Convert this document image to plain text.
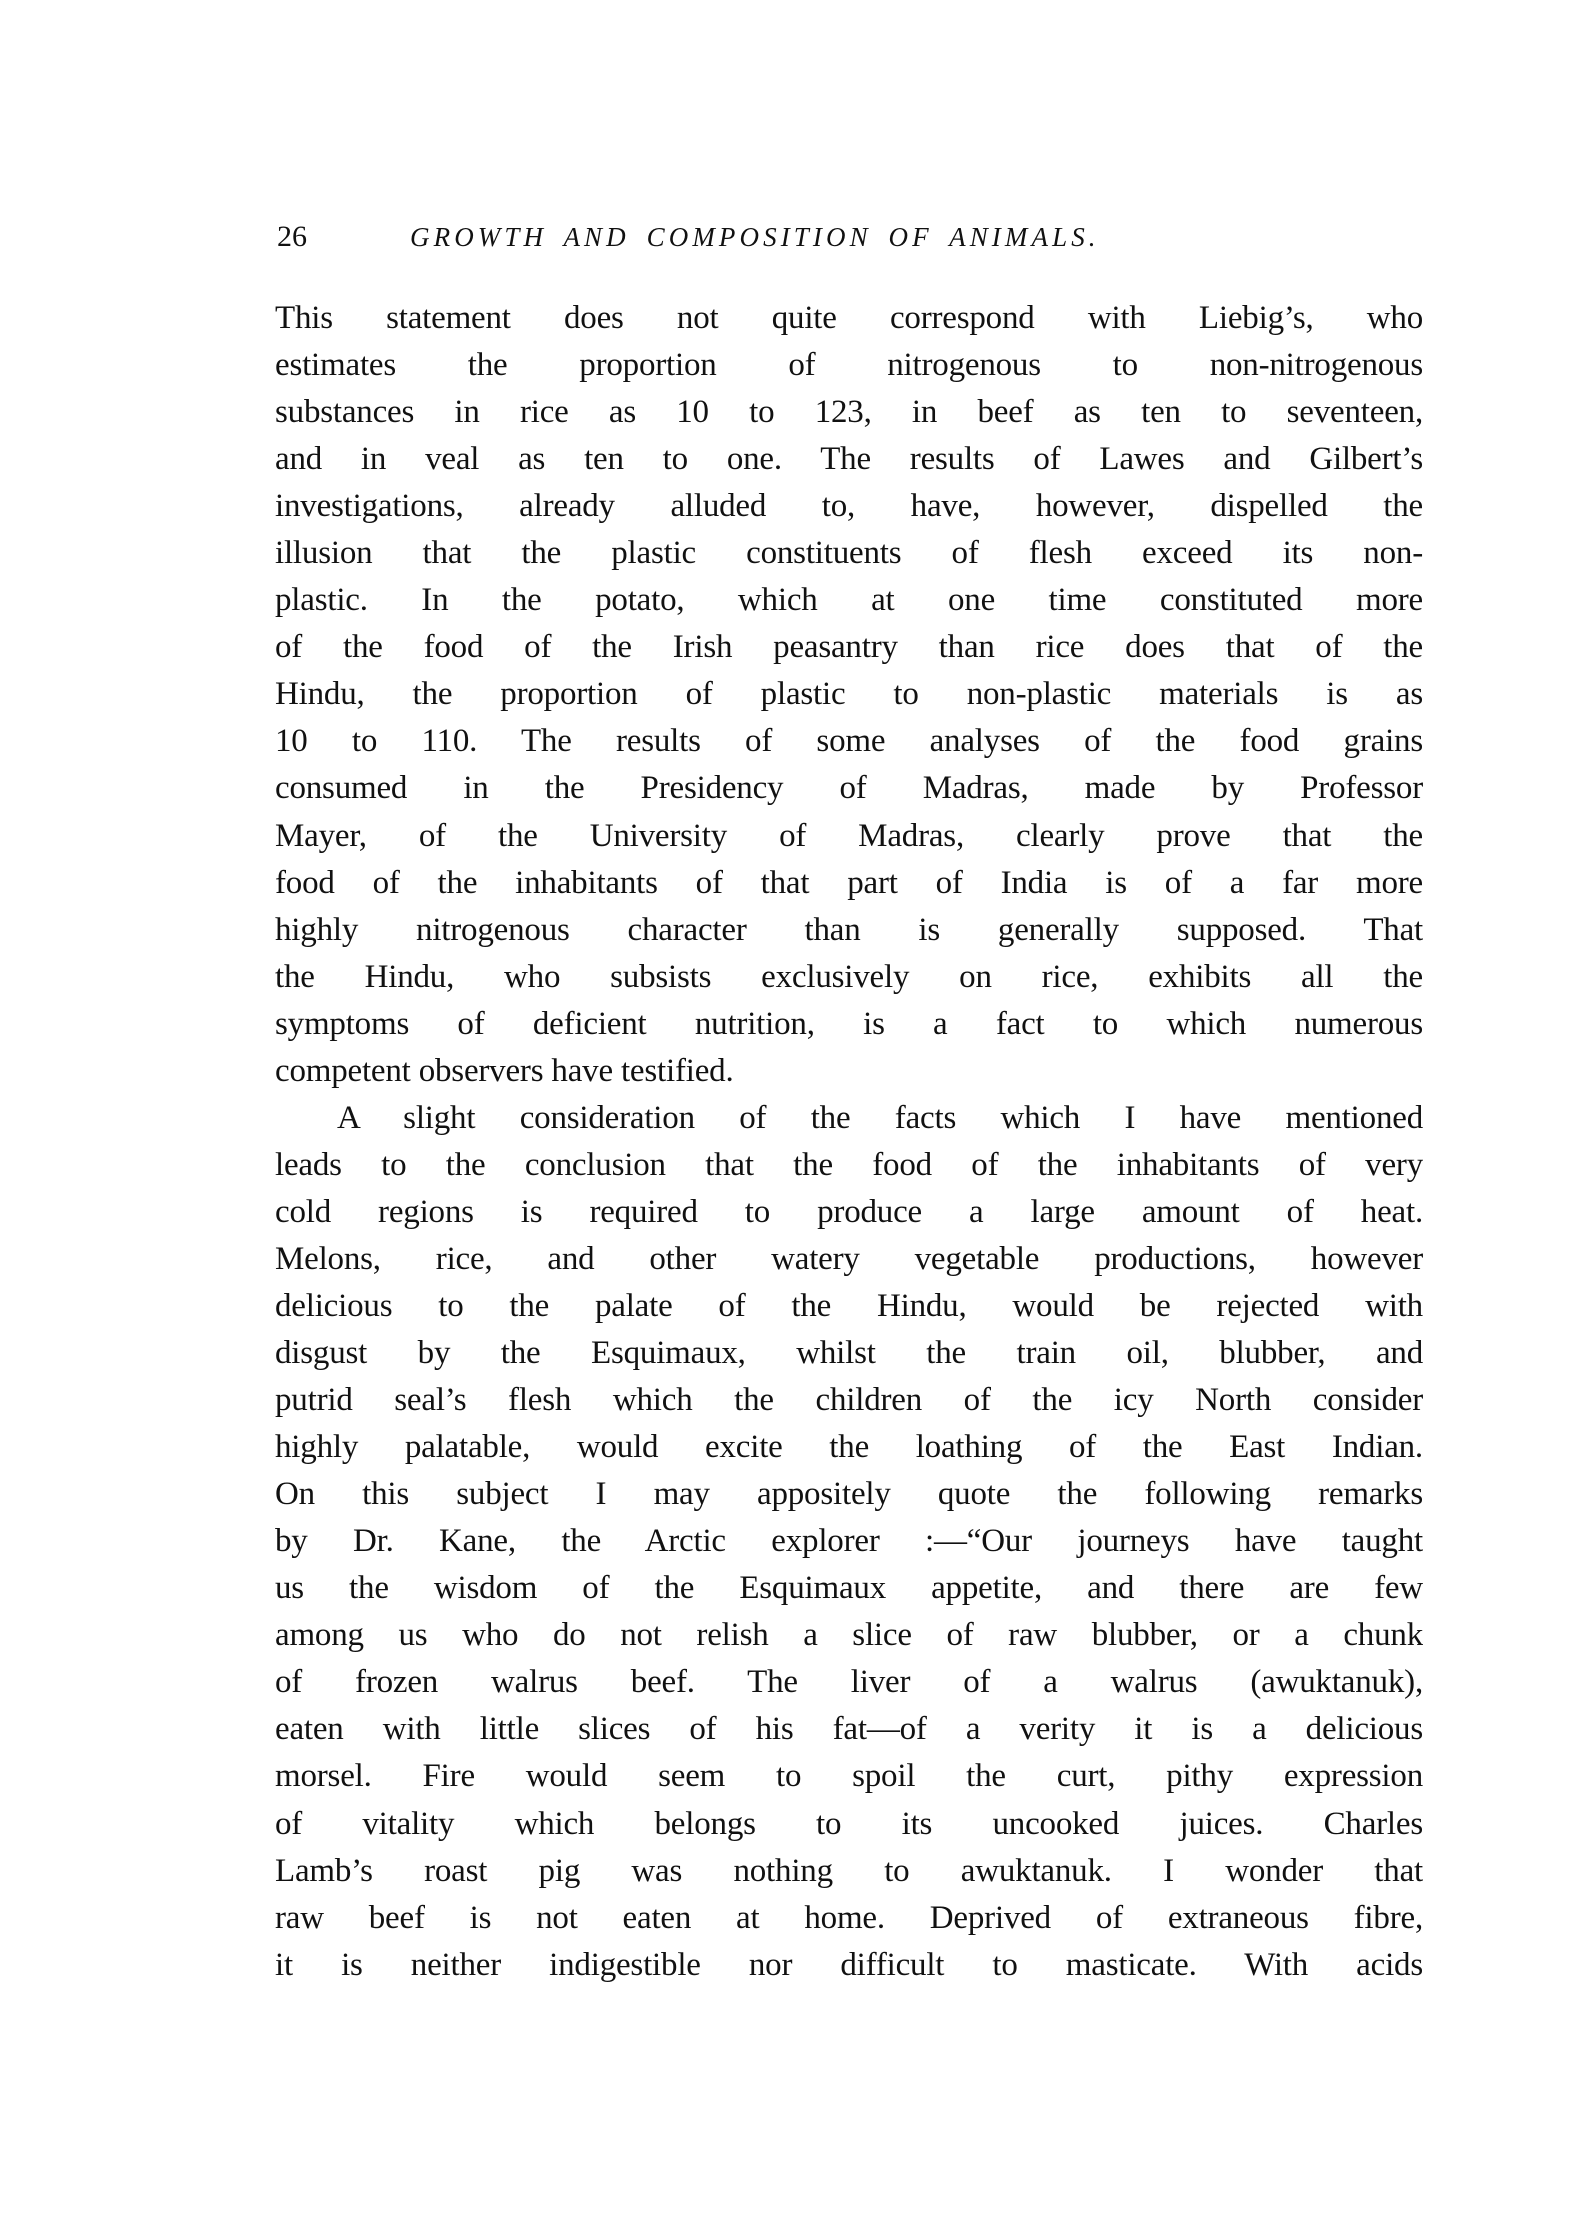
26	GROWTH AND COMPOSITION OF ANIMALS.
This statement does not quite correspond with Liebig’s, who
estimates the proportion of nitrogenous to non-nitrogenous
substances in rice as 10 to 123, in beef as ten to seventeen,
and in veal as ten to one. The results of Lawes and Gilbert’s
investigations, already alluded to, have, however, dispelled the
illusion that the plastic constituents of flesh exceed its non-
plastic. In the potato, which at one time constituted more
of the food of the Irish peasantry than rice does that of the
Hindu, the proportion of plastic to non-plastic materials is as
10 to 110. The results of some analyses of the food grains
consumed in the Presidency of Madras, made by Professor
Mayer, of the University of Madras, clearly prove that the
food of the inhabitants of that part of India is of a far more
highly nitrogenous character than is generally supposed. That
the Hindu, who subsists exclusively on rice, exhibits all the
symptoms of deficient nutrition, is a fact to which numerous
competent observers have testified.
A slight consideration of the facts which I have mentioned
leads to the conclusion that the food of the inhabitants of very
cold regions is required to produce a large amount of heat.
Melons, rice, and other watery vegetable productions, however
delicious to the palate of the Hindu, would be rejected with
disgust by the Esquimaux, whilst the train oil, blubber, and
putrid seal’s flesh which the children of the icy North consider
highly palatable, would excite the loathing of the East Indian.
On this subject I may appositely quote the following remarks
by Dr. Kane, the Arctic explorer :—“Our journeys have taught
us the wisdom of the Esquimaux appetite, and there are few
among us who do not relish a slice of raw blubber, or a chunk
of frozen walrus beef. The liver of a walrus (awuktanuk),
eaten with little slices of his fat—of a verity it is a delicious
morsel. Fire would seem to spoil the curt, pithy expression
of vitality which belongs to its uncooked juices. Charles
Lamb’s roast pig was nothing to awuktanuk. I wonder that
raw beef is not eaten at home. Deprived of extraneous fibre,
it is neither indigestible nor difficult to masticate. With acids
